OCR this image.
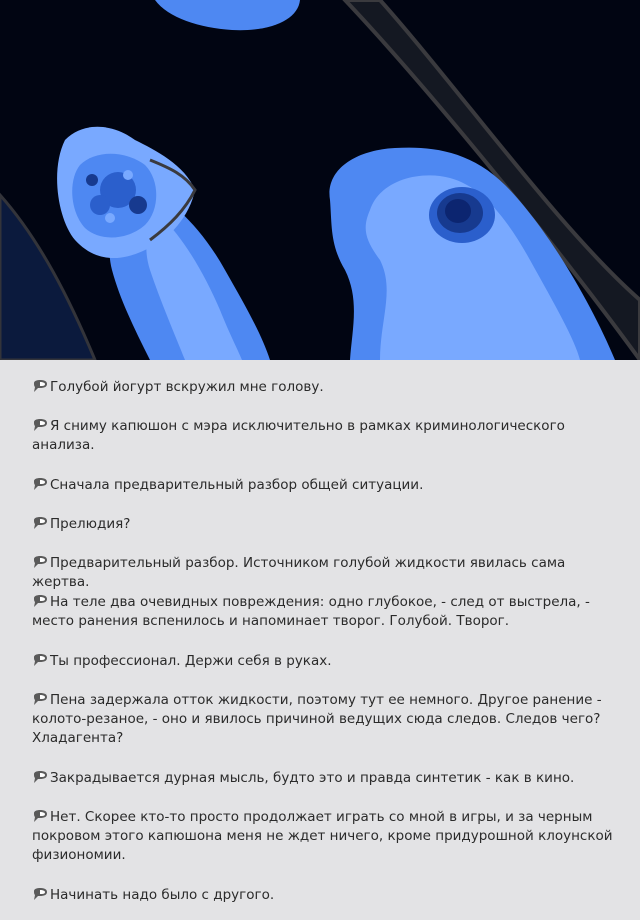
Голубой йогурт вскружил мне голову.
Я сниму капюшон с мэра исключительно в рамках криминологического анализа.
Сначала предварительный разбор общей ситуации.
Прелюдия?
Предварительный разбор. Источником голубой жидкости явилась сама жертва.
На теле два очевидных повреждения: одно глубокое, - след от выстрела, - место ранения вспенилось и напоминает творог. Голубой. Творог.
Ты профессионал. Держи себя в руках.
Пена задержала отток жидкости, поэтому тут ее немного. Другое ранение - колото-резаное, - оно и явилось причиной ведущих сюда следов. Следов чего? Хладагента?
Закрадывается дурная мысль, будто это и правда синтетик - как в кино.
Нет. Скорее кто-то просто продолжает играть со мной в игры, и за черным покровом этого капюшона меня не ждет ничего, кроме придурошной клоунской физиономии.
Начинать надо было с другого.
